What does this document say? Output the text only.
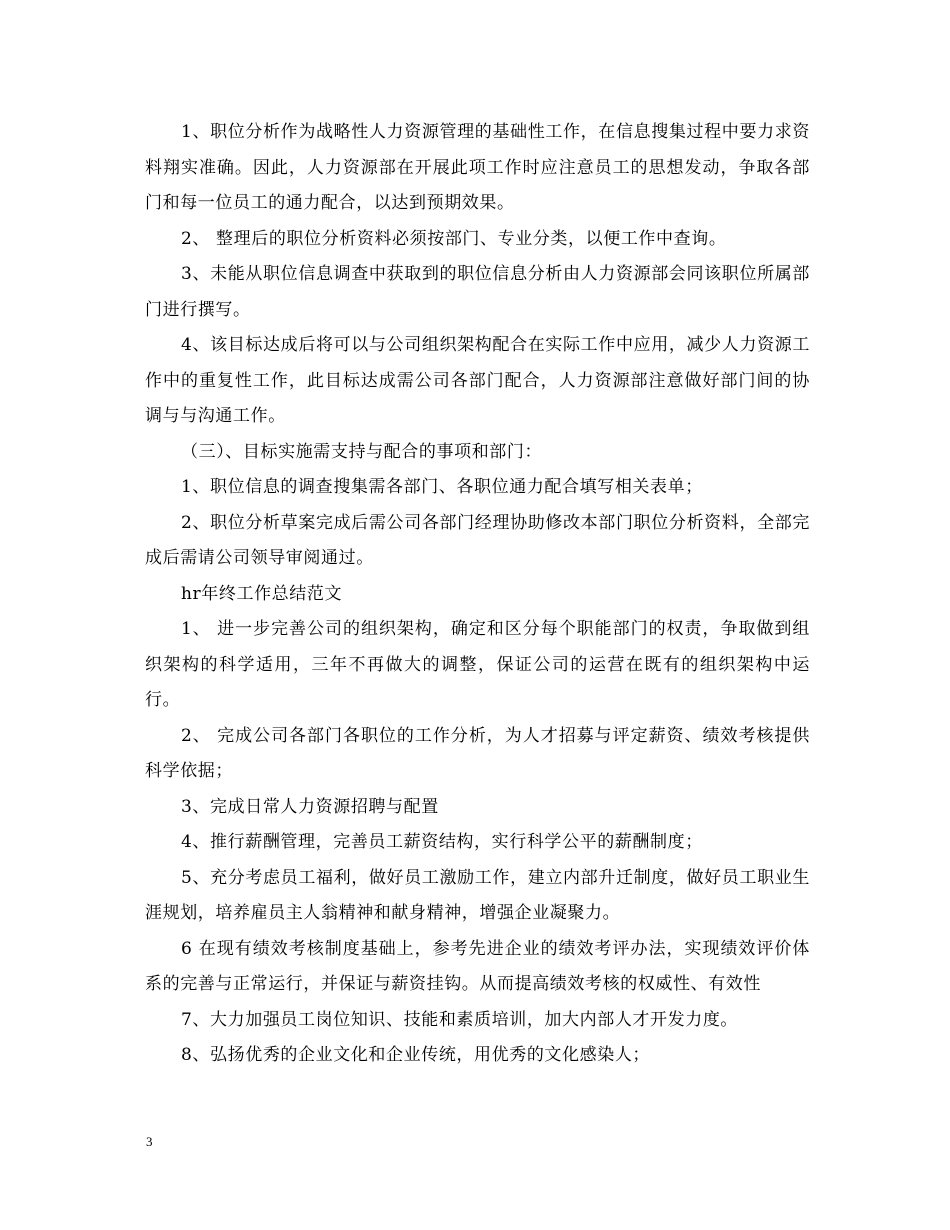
1、职位分析作为战略性人力资源管理的基础性工作，在信息搜集过程中要力求资料翔实准确。因此，人力资源部在开展此项工作时应注意员工的思想发动，争取各部门和每一位员工的通力配合，以达到预期效果。

2、 整理后的职位分析资料必须按部门、专业分类，以便工作中查询。

3、未能从职位信息调查中获取到的职位信息分析由人力资源部会同该职位所属部门进行撰写。

4、该目标达成后将可以与公司组织架构配合在实际工作中应用，减少人力资源工作中的重复性工作，此目标达成需公司各部门配合，人力资源部注意做好部门间的协调与与沟通工作。

（三）、目标实施需支持与配合的事项和部门：

1、职位信息的调查搜集需各部门、各职位通力配合填写相关表单；

2、职位分析草案完成后需公司各部门经理协助修改本部门职位分析资料，全部完成后需请公司领导审阅通过。

hr年终工作总结范文

1、 进一步完善公司的组织架构，确定和区分每个职能部门的权责，争取做到组织架构的科学适用，三年不再做大的调整，保证公司的运营在既有的组织架构中运行。

2、 完成公司各部门各职位的工作分析，为人才招募与评定薪资、绩效考核提供科学依据；

3、完成日常人力资源招聘与配置

4、推行薪酬管理，完善员工薪资结构，实行科学公平的薪酬制度；

5、充分考虑员工福利，做好员工激励工作，建立内部升迁制度，做好员工职业生涯规划，培养雇员主人翁精神和献身精神，增强企业凝聚力。

6 在现有绩效考核制度基础上，参考先进企业的绩效考评办法，实现绩效评价体系的完善与正常运行，并保证与薪资挂钩。从而提高绩效考核的权威性、有效性

7、大力加强员工岗位知识、技能和素质培训，加大内部人才开发力度。

8、弘扬优秀的企业文化和企业传统，用优秀的文化感染人；

3
